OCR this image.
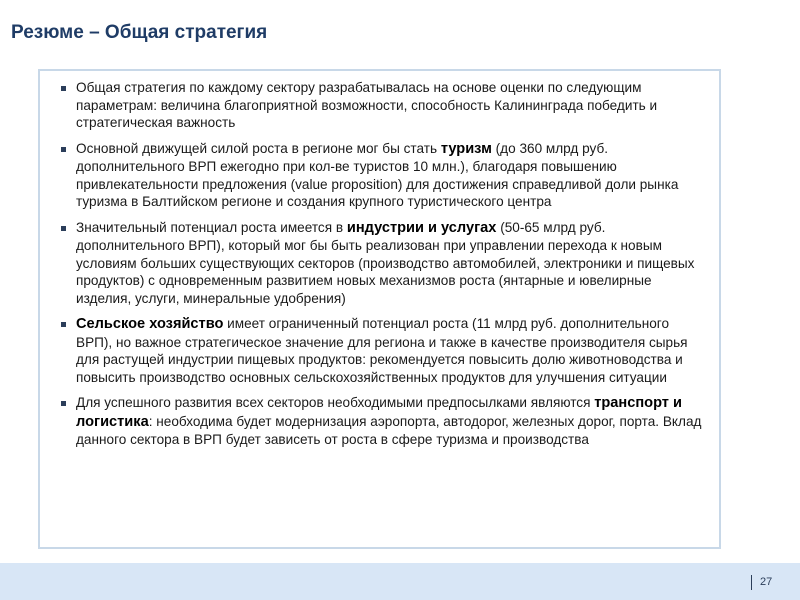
Резюме – Общая стратегия
Общая стратегия по каждому сектору разрабатывалась на основе оценки по следующим параметрам: величина благоприятной возможности, способность Калининграда победить и стратегическая важность
Основной движущей силой роста в регионе мог бы стать туризм (до 360 млрд руб. дополнительного ВРП ежегодно при кол-ве туристов 10 млн.), благодаря повышению привлекательности предложения (value proposition) для достижения справедливой доли рынка туризма в Балтийском регионе и создания крупного туристического центра
Значительный потенциал роста имеется в индустрии и услугах (50-65 млрд руб. дополнительного ВРП), который мог бы быть реализован при управлении перехода к новым условиям больших существующих секторов (производство автомобилей, электроники и пищевых продуктов) с одновременным развитием новых механизмов роста (янтарные и ювелирные изделия, услуги, минеральные удобрения)
Сельское хозяйство имеет ограниченный потенциал роста (11 млрд руб. дополнительного ВРП), но важное стратегическое значение для региона и также в качестве производителя сырья для растущей индустрии пищевых продуктов: рекомендуется повысить долю животноводства и повысить производство основных сельскохозяйственных продуктов для улучшения ситуации
Для успешного развития всех секторов необходимыми предпосылками являются транспорт и логистика: необходима будет модернизация аэропорта, автодорог, железных дорог, порта. Вклад данного сектора в ВРП будет зависеть от роста в сфере туризма и производства
27
